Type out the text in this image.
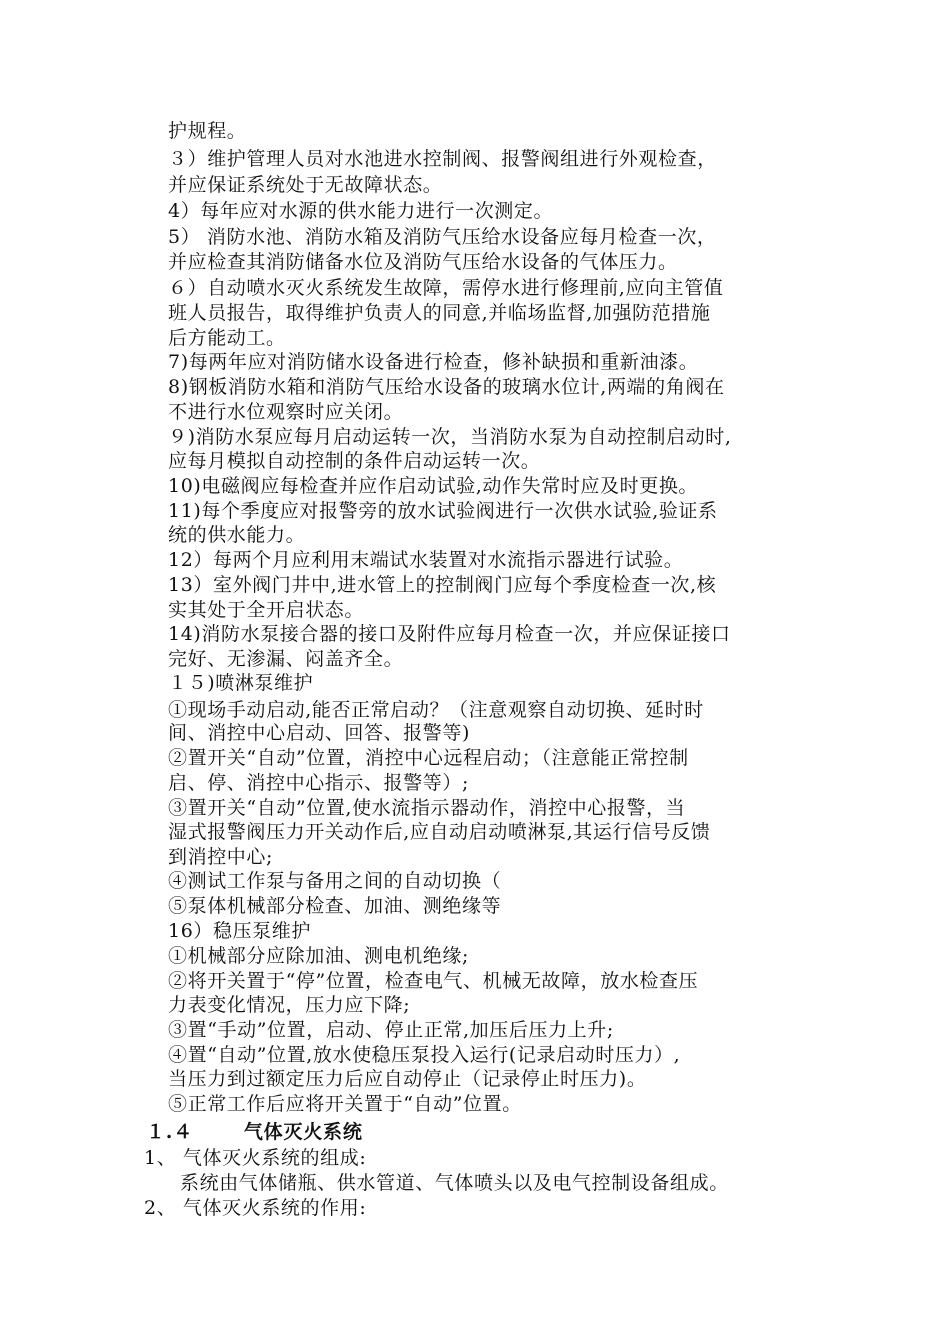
护规程。
３）维护管理人员对水池进水控制阀、报警阀组进行外观检查，
并应保证系统处于无故障状态。
4）每年应对水源的供水能力进行一次测定。
5） 消防水池、消防水箱及消防气压给水设备应每月检查一次，
并应检查其消防储备水位及消防气压给水设备的气体压力。
６）自动喷水灭火系统发生故障，需停水进行修理前,应向主管值
班人员报告，取得维护负责人的同意,并临场监督,加强防范措施
后方能动工。
7)每两年应对消防储水设备进行检查，修补缺损和重新油漆。
8)钢板消防水箱和消防气压给水设备的玻璃水位计,两端的角阀在
不进行水位观察时应关闭。
９)消防水泵应每月启动运转一次，当消防水泵为自动控制启动时,
应每月模拟自动控制的条件启动运转一次。
10)电磁阀应每检查并应作启动试验,动作失常时应及时更换。
11)每个季度应对报警旁的放水试验阀进行一次供水试验,验证系
统的供水能力。
12）每两个月应利用末端试水装置对水流指示器进行试验。
13）室外阀门井中,进水管上的控制阀门应每个季度检查一次,核
实其处于全开启状态。
14)消防水泵接合器的接口及附件应每月检查一次，并应保证接口
完好、无渗漏、闷盖齐全。
１５)喷淋泵维护
①现场手动启动,能否正常启动？（注意观察自动切换、延时时
间、消控中心启动、回答、报警等)
②置开关“自动”位置，消控中心远程启动；（注意能正常控制
启、停、消控中心指示、报警等）;
③置开关“自动”位置,使水流指示器动作，消控中心报警，当
湿式报警阀压力开关动作后,应自动启动喷淋泵,其运行信号反馈
到消控中心;
④测试工作泵与备用之间的自动切换（
⑤泵体机械部分检查、加油、测绝缘等
16）稳压泵维护
①机械部分应除加油、测电机绝缘;
②将开关置于“停”位置，检查电气、机械无故障，放水检查压
力表变化情况，压力应下降;
③置“手动”位置，启动、停止正常,加压后压力上升;
④置“自动”位置,放水使稳压泵投入运行(记录启动时压力）,
当压力到过额定压力后应自动停止（记录停止时压力)。
⑤正常工作后应将开关置于“自动”位置。
１.４	气体灭火系统
1、 气体灭火系统的组成:
系统由气体储瓶、供水管道、气体喷头以及电气控制设备组成。
2、 气体灭火系统的作用:
